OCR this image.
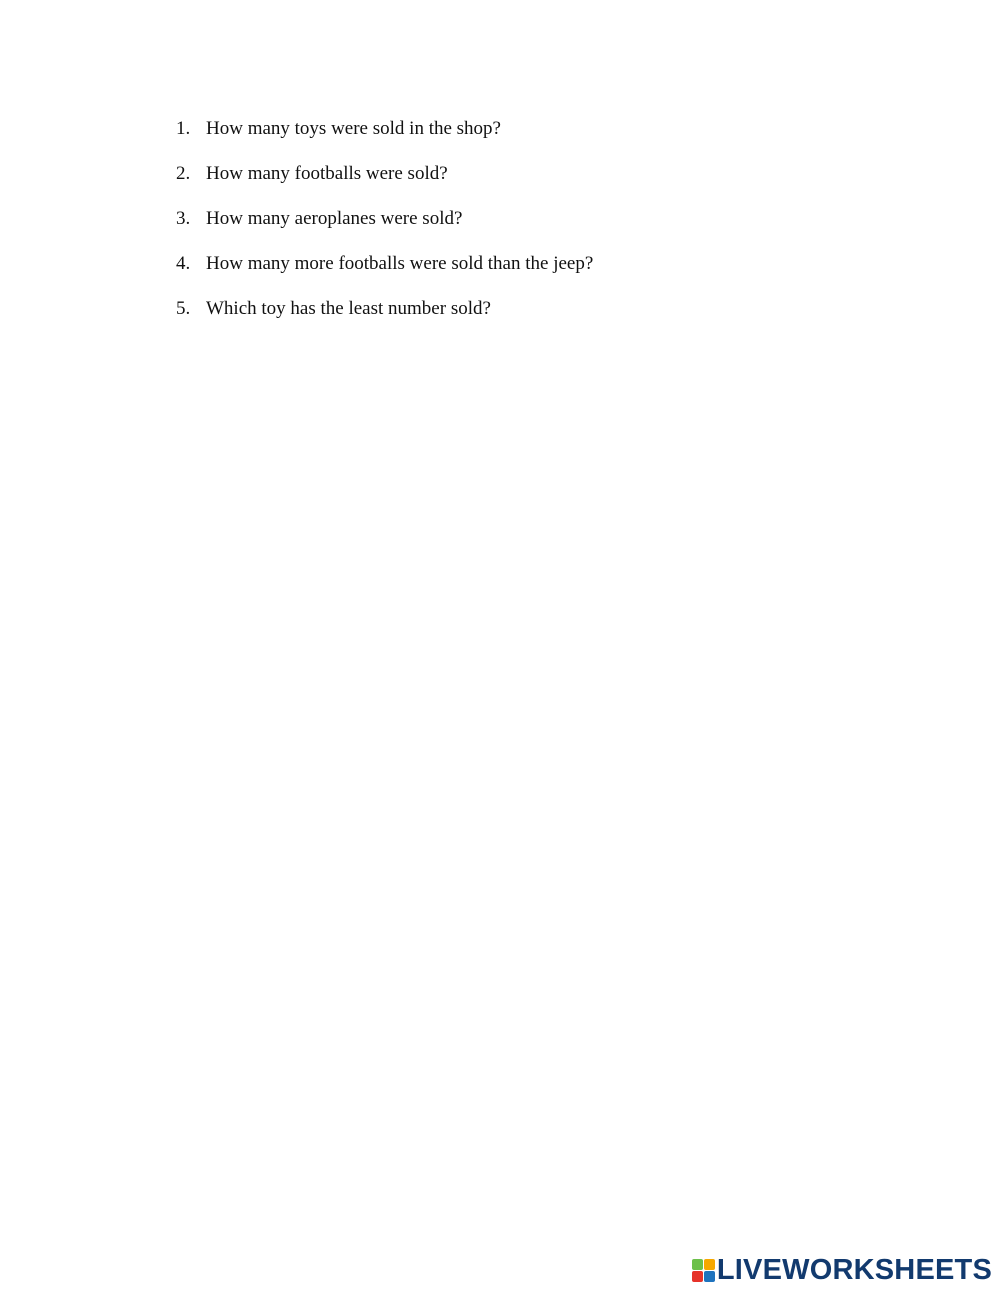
1. How many toys were sold in the shop?
2. How many footballs were sold?
3. How many aeroplanes were sold?
4. How many more footballs were sold than the jeep?
5. Which toy has the least number sold?
LIVEWORKSHEETS
